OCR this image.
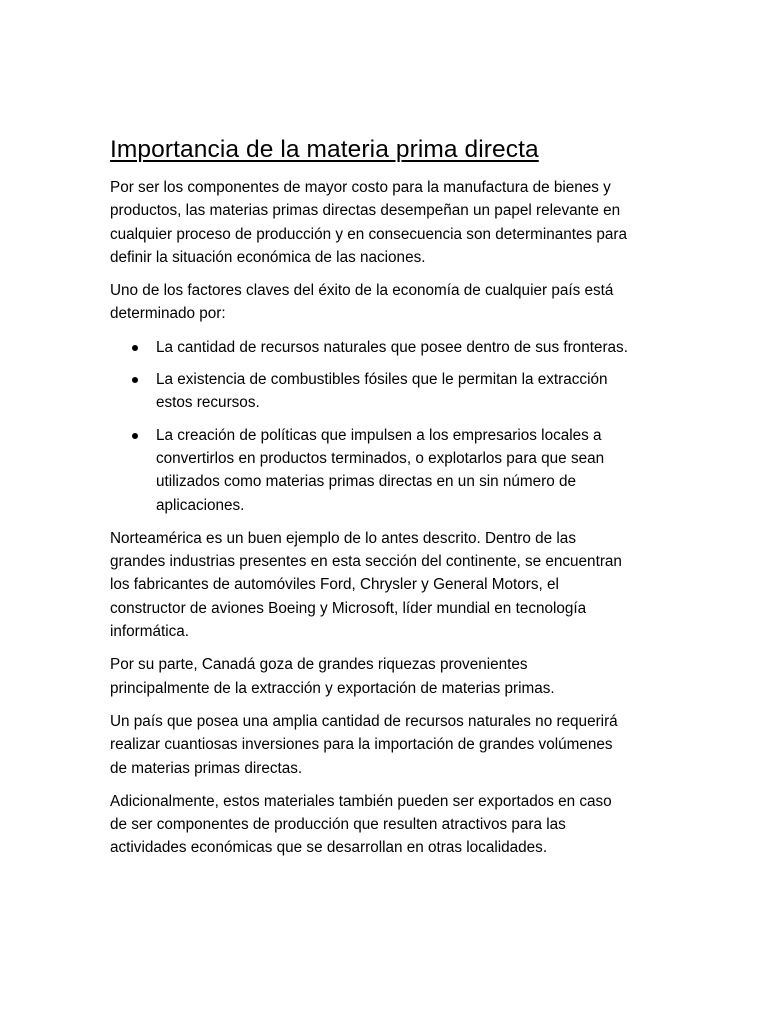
Importancia de la materia prima directa

Por ser los componentes de mayor costo para la manufactura de bienes y productos, las materias primas directas desempeñan un papel relevante en cualquier proceso de producción y en consecuencia son determinantes para definir la situación económica de las naciones.

Uno de los factores claves del éxito de la economía de cualquier país está determinado por:

La cantidad de recursos naturales que posee dentro de sus fronteras.
La existencia de combustibles fósiles que le permitan la extracción estos recursos.
La creación de políticas que impulsen a los empresarios locales a convertirlos en productos terminados, o explotarlos para que sean utilizados como materias primas directas en un sin número de aplicaciones.

Norteamérica es un buen ejemplo de lo antes descrito. Dentro de las grandes industrias presentes en esta sección del continente, se encuentran los fabricantes de automóviles Ford, Chrysler y General Motors, el constructor de aviones Boeing y Microsoft, líder mundial en tecnología informática.

Por su parte, Canadá goza de grandes riquezas provenientes principalmente de la extracción y exportación de materias primas.

Un país que posea una amplia cantidad de recursos naturales no requerirá realizar cuantiosas inversiones para la importación de grandes volúmenes de materias primas directas.

Adicionalmente, estos materiales también pueden ser exportados en caso de ser componentes de producción que resulten atractivos para las actividades económicas que se desarrollan en otras localidades.
